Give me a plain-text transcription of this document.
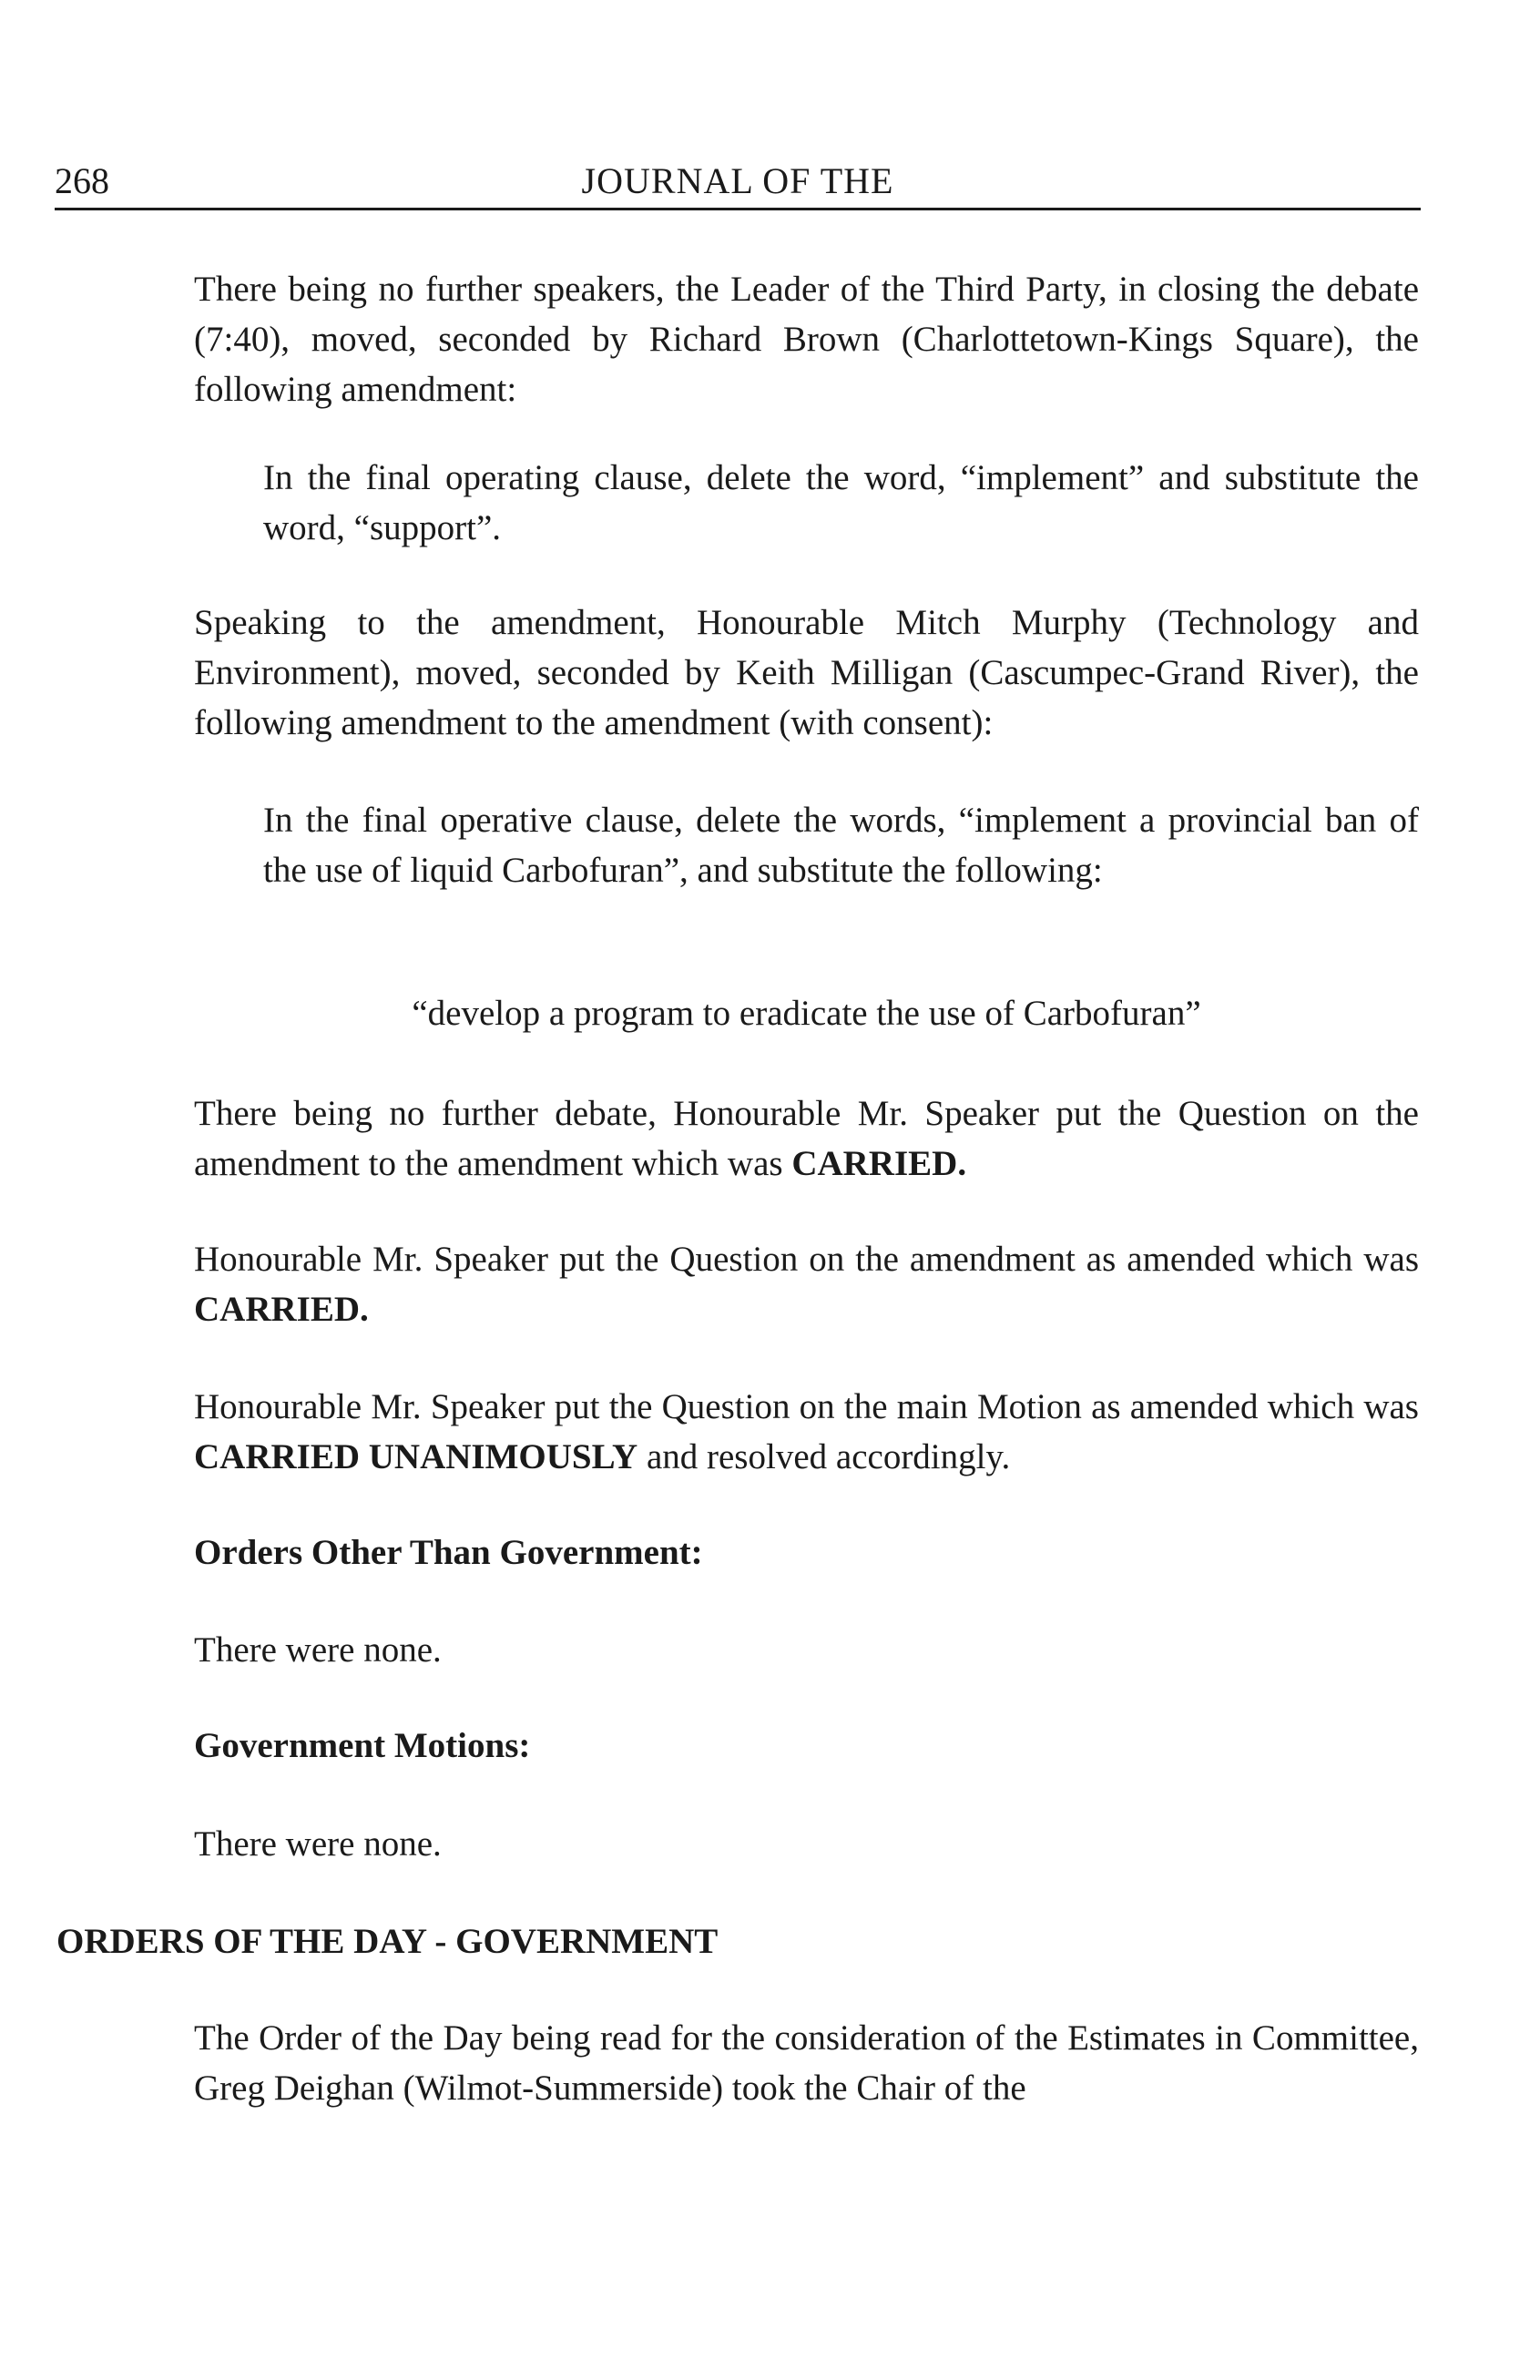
268	JOURNAL OF THE
There being no further speakers, the Leader of the Third Party, in closing the debate (7:40), moved, seconded by Richard Brown (Charlottetown-Kings Square), the following amendment:
In the final operating clause, delete the word, “implement” and substitute the word, “support”.
Speaking to the amendment, Honourable Mitch Murphy (Technology and Environment), moved, seconded by Keith Milligan (Cascumpec-Grand River), the following amendment to the amendment (with consent):
In the final operative clause, delete the words, “implement a provincial ban of the use of liquid Carbofuran”, and substitute the following:
“develop a program to eradicate the use of Carbofuran”
There being no further debate, Honourable Mr. Speaker put the Question on the amendment to the amendment which was CARRIED.
Honourable Mr. Speaker put the Question on the amendment as amended which was CARRIED.
Honourable Mr. Speaker put the Question on the main Motion as amended which was CARRIED UNANIMOUSLY and resolved accordingly.
Orders Other Than Government:
There were none.
Government Motions:
There were none.
ORDERS OF THE DAY - GOVERNMENT
The Order of the Day being read for the consideration of the Estimates in Committee, Greg Deighan (Wilmot-Summerside) took the Chair of the
